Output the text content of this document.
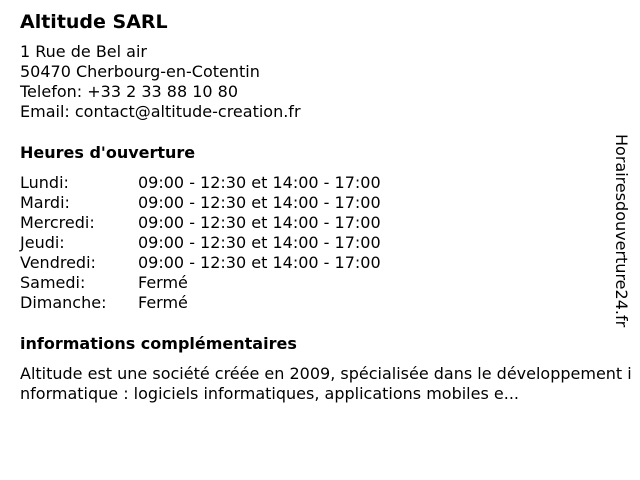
Altitude SARL
1 Rue de Bel air
50470 Cherbourg-en-Cotentin
Telefon: +33 2 33 88 10 80
Email: contact@altitude-creation.fr
Heures d'ouverture
Lundi:	09:00 - 12:30 et 14:00 - 17:00
Mardi:	09:00 - 12:30 et 14:00 - 17:00
Mercredi:	09:00 - 12:30 et 14:00 - 17:00
Jeudi:	09:00 - 12:30 et 14:00 - 17:00
Vendredi:	09:00 - 12:30 et 14:00 - 17:00
Samedi:	Fermé
Dimanche:	Fermé
informations complémentaires
Altitude est une société créée en 2009, spécialisée dans le développement informatique : logiciels informatiques, applications mobiles e...
Horairesdouverture24.fr
